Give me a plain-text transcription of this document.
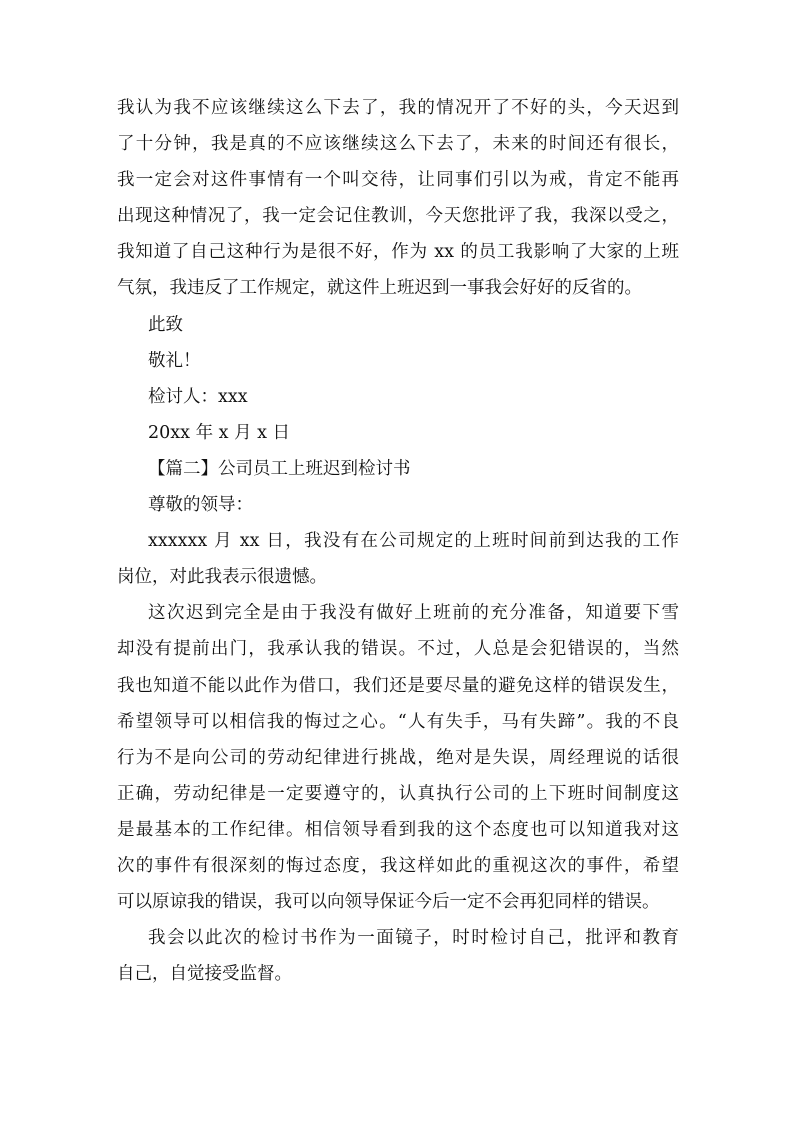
我认为我不应该继续这么下去了，我的情况开了不好的头，今天迟到
了十分钟，我是真的不应该继续这么下去了，未来的时间还有很长，
我一定会对这件事情有一个叫交待，让同事们引以为戒，肯定不能再
出现这种情况了，我一定会记住教训，今天您批评了我，我深以受之，
我知道了自己这种行为是很不好，作为 xx 的员工我影响了大家的上班
气氛，我违反了工作规定，就这件上班迟到一事我会好好的反省的。
此致
敬礼！
检讨人：xxx
20xx 年 x 月 x 日
【篇二】公司员工上班迟到检讨书
尊敬的领导：
xxxxxx 月 xx 日，我没有在公司规定的上班时间前到达我的工作
岗位，对此我表示很遗憾。
这次迟到完全是由于我没有做好上班前的充分准备，知道要下雪
却没有提前出门，我承认我的错误。不过，人总是会犯错误的，当然
我也知道不能以此作为借口，我们还是要尽量的避免这样的错误发生，
希望领导可以相信我的悔过之心。“人有失手，马有失蹄”。我的不良
行为不是向公司的劳动纪律进行挑战，绝对是失误，周经理说的话很
正确，劳动纪律是一定要遵守的，认真执行公司的上下班时间制度这
是最基本的工作纪律。相信领导看到我的这个态度也可以知道我对这
次的事件有很深刻的悔过态度，我这样如此的重视这次的事件，希望
可以原谅我的错误，我可以向领导保证今后一定不会再犯同样的错误。
我会以此次的检讨书作为一面镜子，时时检讨自己，批评和教育
自己，自觉接受监督。
